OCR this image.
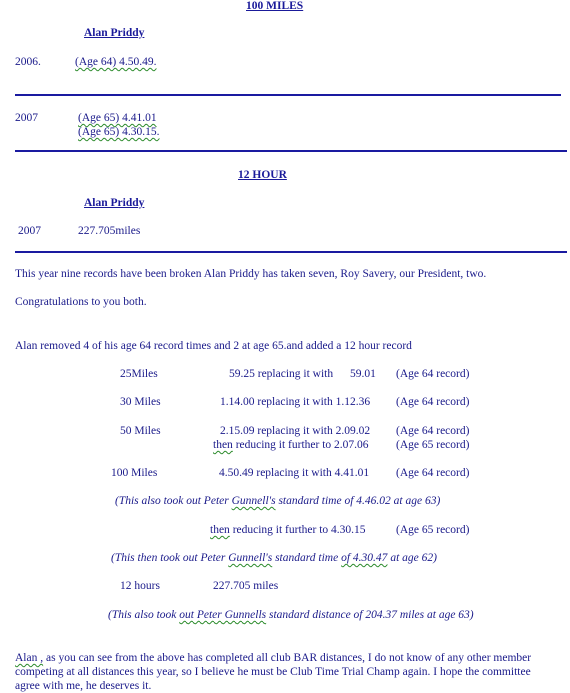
100 MILES
Alan Priddy
2006.	(Age 64) 4.50.49.
2007	(Age 65) 4.41.01
(Age 65) 4.30.15.
12 HOUR
Alan Priddy
2007	227.705miles
This year nine records have been broken Alan Priddy has taken seven, Roy Savery, our President, two.
Congratulations to you both.
Alan removed 4 of his age 64 record times and 2 at age 65.and added a 12 hour record
25Miles	59.25 replacing it with 59.01 (Age 64 record)
30 Miles	1.14.00 replacing it with 1.12.36 (Age 64 record)
50 Miles	2.15.09 replacing it with 2.09.02 (Age 64 record)
then reducing it further to 2.07.06 (Age 65 record)
100 Miles	4.50.49 replacing it with 4.41.01 (Age 64 record)
(This also took out Peter Gunnell's standard time of 4.46.02 at age 63)
then reducing it further to 4.30.15	(Age 65 record)
(This then took out Peter Gunnell's standard time of 4.30.47 at age 62)
12 hours	227.705 miles
(This also took out Peter Gunnells standard distance of 204.37 miles at age 63)
Alan , as you can see from the above has completed all club BAR distances, I do not know of any other member
competing at all distances this year, so I believe he must be Club Time Trial Champ again. I hope the committee
agree with me, he deserves it.
